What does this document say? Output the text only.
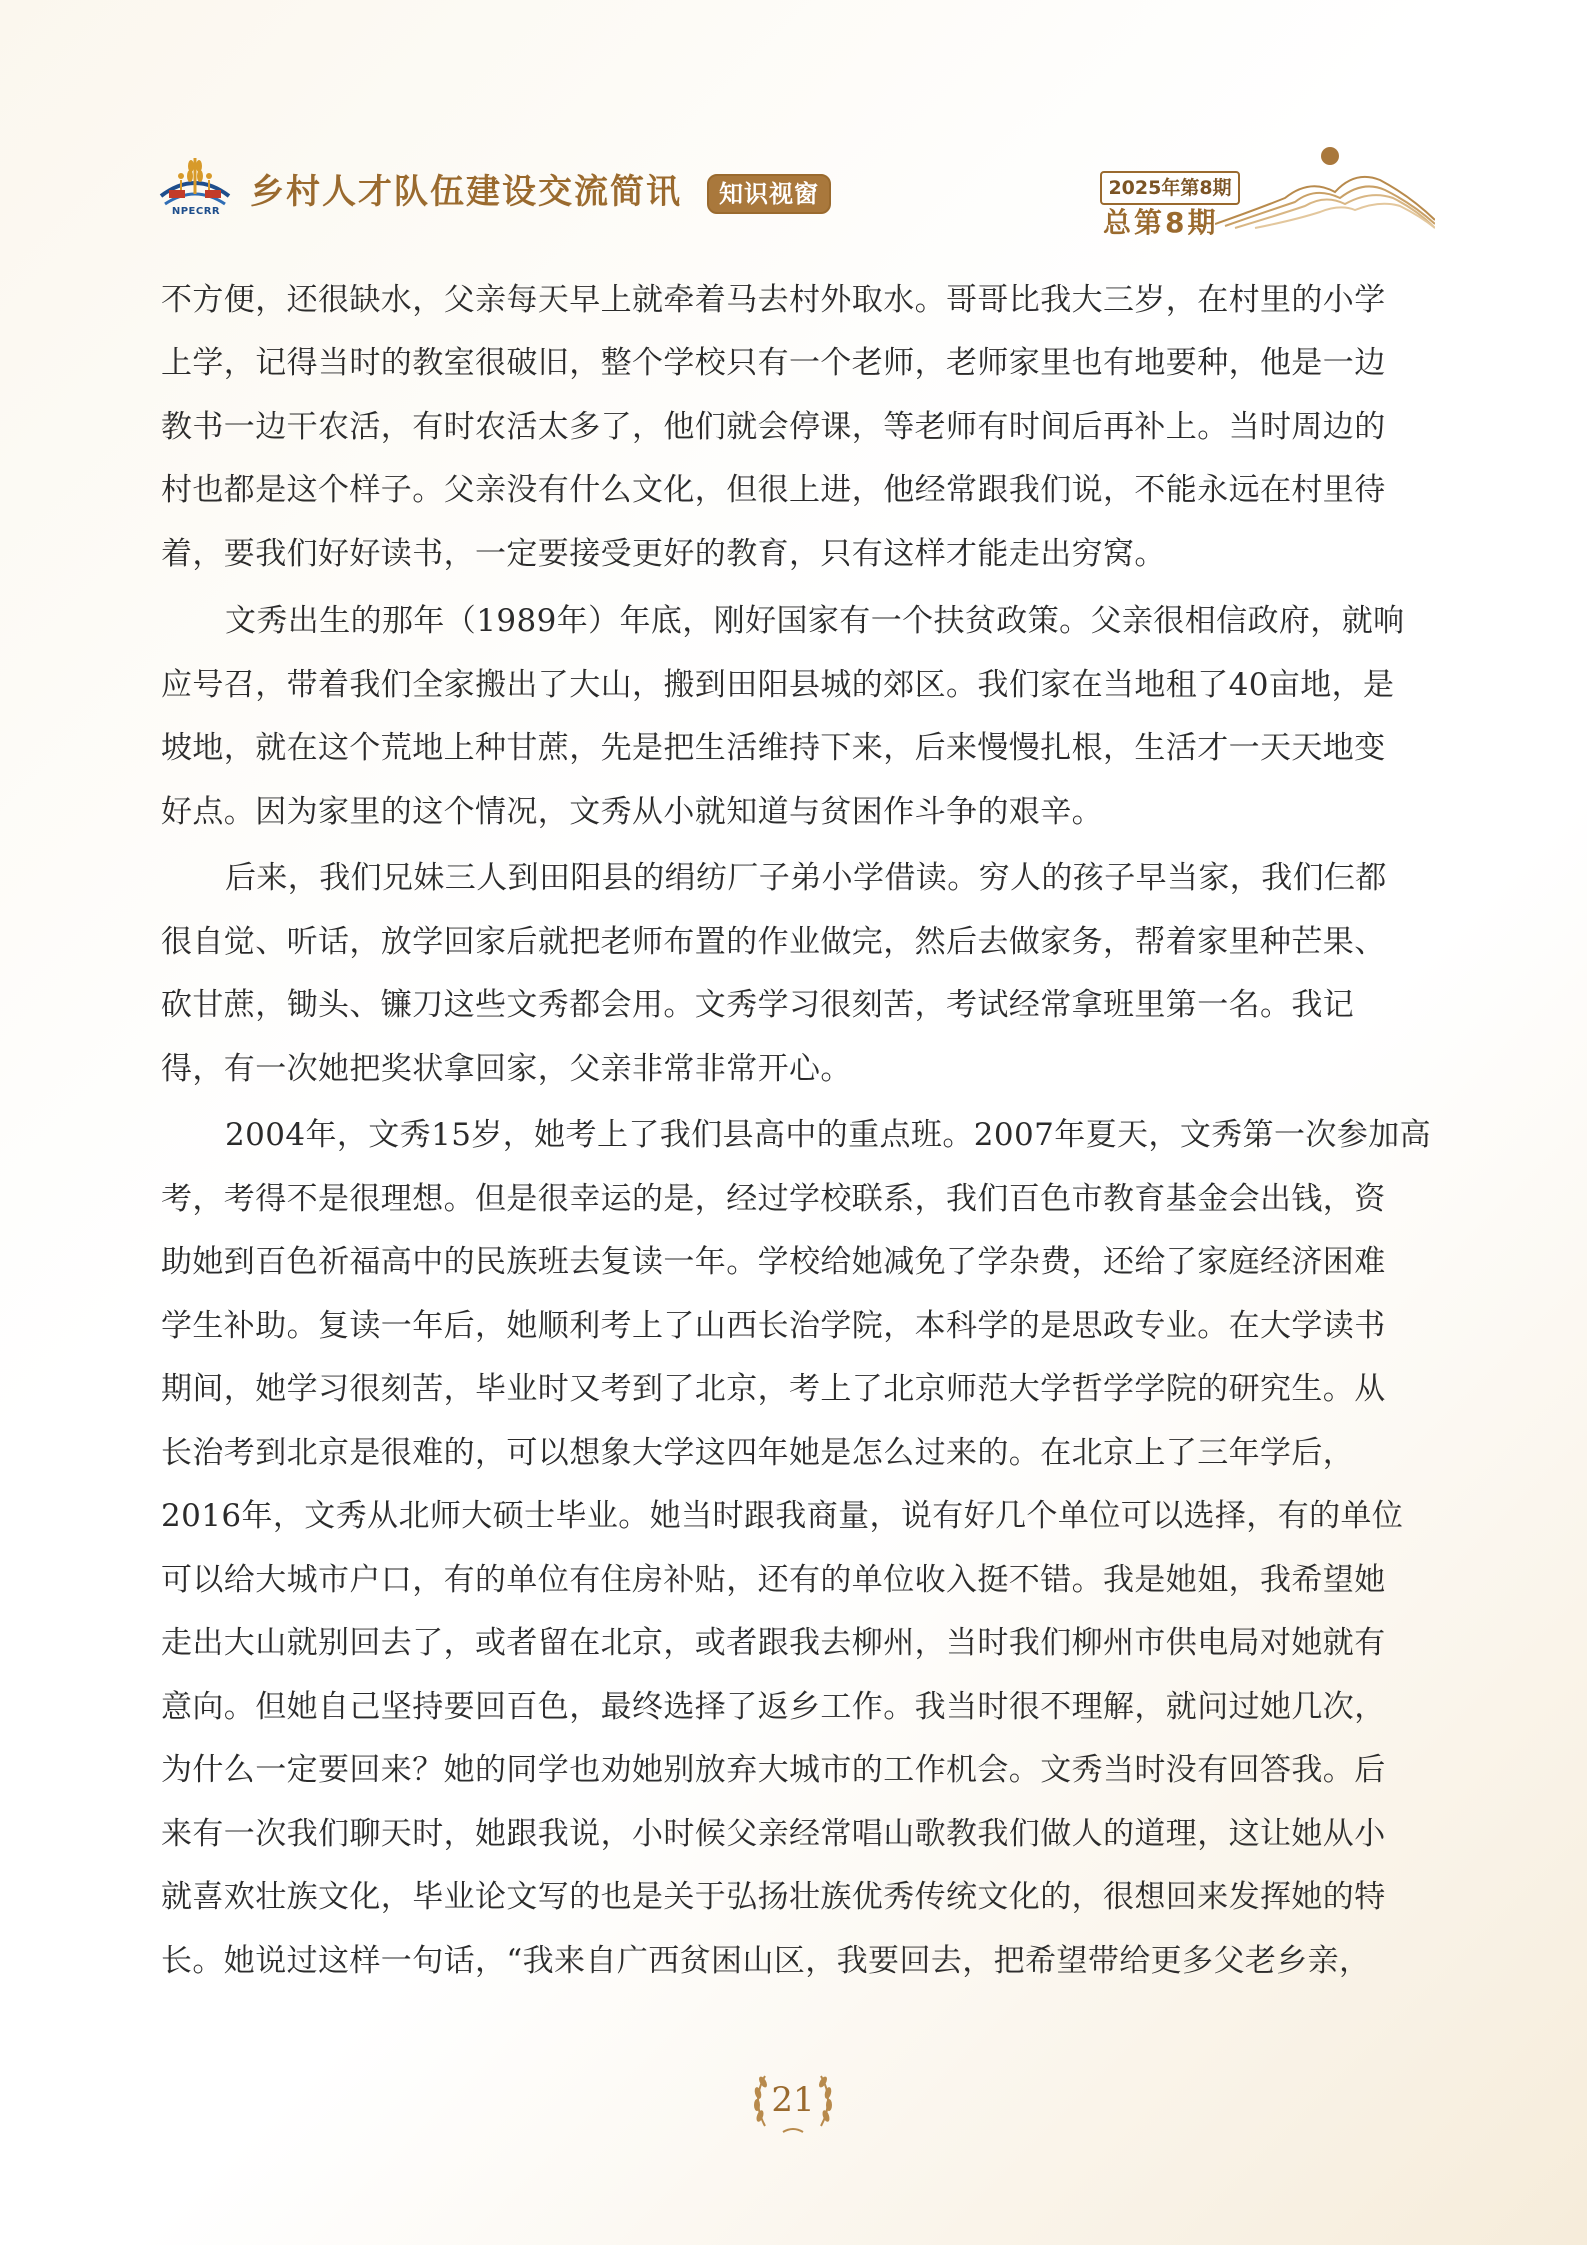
NPECRR 乡村人才队伍建设交流简讯	知识视窗	2025年第8期
总第8期
不方便，还很缺水，父亲每天早上就牵着马去村外取水。哥哥比我大三岁，在村里的小学
上学，记得当时的教室很破旧，整个学校只有一个老师，老师家里也有地要种，他是一边
教书一边干农活，有时农活太多了，他们就会停课，等老师有时间后再补上。当时周边的
村也都是这个样子。父亲没有什么文化，但很上进，他经常跟我们说，不能永远在村里待
着，要我们好好读书，一定要接受更好的教育，只有这样才能走出穷窝。
文秀出生的那年（1989年）年底，刚好国家有一个扶贫政策。父亲很相信政府，就响
应号召，带着我们全家搬出了大山，搬到田阳县城的郊区。我们家在当地租了40亩地，是
坡地，就在这个荒地上种甘蔗，先是把生活维持下来，后来慢慢扎根，生活才一天天地变
好点。因为家里的这个情况，文秀从小就知道与贫困作斗争的艰辛。
后来，我们兄妹三人到田阳县的绢纺厂子弟小学借读。穷人的孩子早当家，我们仨都
很自觉、听话，放学回家后就把老师布置的作业做完，然后去做家务，帮着家里种芒果、
砍甘蔗，锄头、镰刀这些文秀都会用。文秀学习很刻苦，考试经常拿班里第一名。我记
得，有一次她把奖状拿回家，父亲非常非常开心。
2004年，文秀15岁，她考上了我们县高中的重点班。2007年夏天，文秀第一次参加高
考，考得不是很理想。但是很幸运的是，经过学校联系，我们百色市教育基金会出钱，资
助她到百色祈福高中的民族班去复读一年。学校给她减免了学杂费，还给了家庭经济困难
学生补助。复读一年后，她顺利考上了山西长治学院，本科学的是思政专业。在大学读书
期间，她学习很刻苦，毕业时又考到了北京，考上了北京师范大学哲学学院的研究生。从
长治考到北京是很难的，可以想象大学这四年她是怎么过来的。在北京上了三年学后，
2016年，文秀从北师大硕士毕业。她当时跟我商量，说有好几个单位可以选择，有的单位
可以给大城市户口，有的单位有住房补贴，还有的单位收入挺不错。我是她姐，我希望她
走出大山就别回去了，或者留在北京，或者跟我去柳州，当时我们柳州市供电局对她就有
意向。但她自己坚持要回百色，最终选择了返乡工作。我当时很不理解，就问过她几次，
为什么一定要回来？她的同学也劝她别放弃大城市的工作机会。文秀当时没有回答我。后
来有一次我们聊天时，她跟我说，小时候父亲经常唱山歌教我们做人的道理，这让她从小
就喜欢壮族文化，毕业论文写的也是关于弘扬壮族优秀传统文化的，很想回来发挥她的特
长。她说过这样一句话，“我来自广西贫困山区，我要回去，把希望带给更多父老乡亲，
21
